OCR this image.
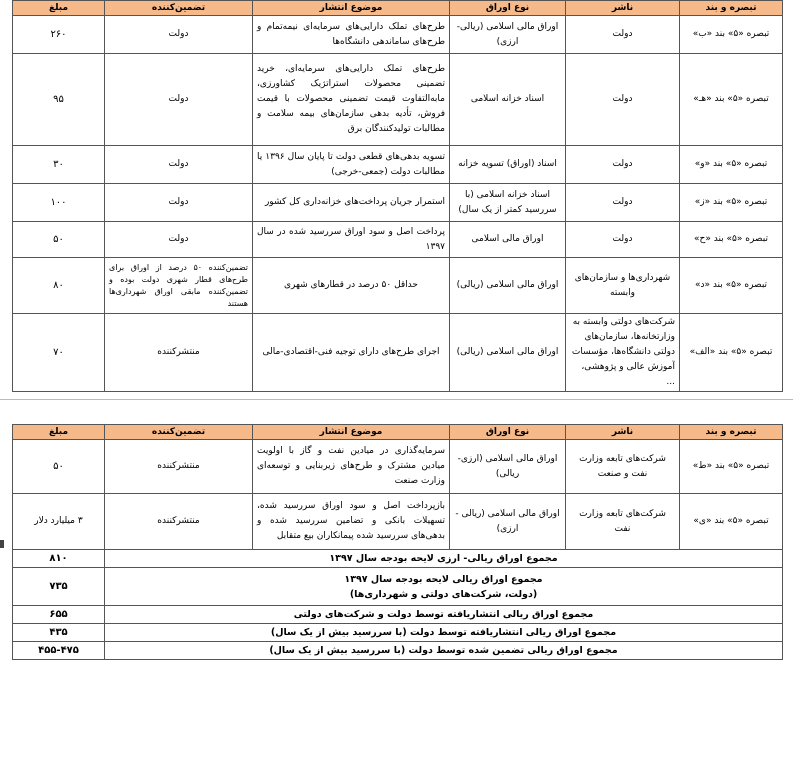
تبصره و بند	ناشر	نوع اوراق	موضوع انتشار	تضمین‌کننده	مبلغ
تبصره «۵» بند «ب»	دولت	اوراق مالی اسلامی (ریالی-ارزی)	طرح‌های تملک دارایی‌های سرمایه‌ای نیمه‌تمام و طرح‌های ساماندهی دانشگاه‌ها	دولت	۲۶۰
تبصره «۵» بند «هـ»	دولت	اسناد خزانه اسلامی	طرح‌های تملک دارایی‌های سرمایه‌ای، خرید تضمینی محصولات استراتژیک کشاورزی، مابه‌التفاوت قیمت تضمینی محصولات با قیمت فروش، تأدیه بدهی سازمان‌های بیمه سلامت و مطالبات تولیدکنندگان برق	دولت	۹۵
تبصره «۵» بند «و»	دولت	اسناد (اوراق) تسویه خزانه	تسویه بدهی‌های قطعی دولت تا پایان سال ۱۳۹۶ یا مطالبات دولت (جمعی-خرجی)	دولت	۳۰
تبصره «۵» بند «ز»	دولت	اسناد خزانه اسلامی (با سررسید کمتر از یک سال)	استمرار جریان پرداخت‌های خزانه‌داری کل کشور	دولت	۱۰۰
تبصره «۵» بند «ح»	دولت	اوراق مالی اسلامی	پرداخت اصل و سود اوراق سررسید شده در سال ۱۳۹۷	دولت	۵۰
تبصره «۵» بند «د»	شهرداری‌ها و سازمان‌های وابسته	اوراق مالی اسلامی (ریالی)	حداقل ۵۰ درصد در قطارهای شهری	تضمین‌کننده ۵۰ درصد از اوراق برای طرح‌های قطار شهری دولت بوده و تضمین‌کننده مابقی اوراق شهرداری‌ها هستند	۸۰
تبصره «۵» بند «الف»	شرکت‌های دولتی وابسته به وزارتخانه‌ها، سازمان‌های دولتی دانشگاه‌ها، مؤسسات آموزش عالی و پژوهشی، ...	اوراق مالی اسلامی (ریالی)	اجرای طرح‌های دارای توجیه فنی-اقتصادی-مالی	منتشرکننده	۷۰
تبصره و بند	ناشر	نوع اوراق	موضوع انتشار	تضمین‌کننده	مبلغ
تبصره «۵» بند «ط»	شرکت‌های تابعه وزارت نفت و صنعت	اوراق مالی اسلامی (ارزی-ریالی)	سرمایه‌گذاری در میادین نفت و گاز با اولویت میادین مشترک و طرح‌های زیربنایی و توسعه‌ای وزارت صنعت	منتشرکننده	۵۰
تبصره «۵» بند «ی»	شرکت‌های تابعه وزارت نفت	اوراق مالی اسلامی (ریالی - ارزی)	بازپرداخت اصل و سود اوراق سررسید شده، تسهیلات بانکی و تضامین سررسید شده و بدهی‌های سررسید شده پیمانکاران بیع متقابل	منتشرکننده	۳ میلیارد دلار
مجموع اوراق ریالی- ارزی لایحه بودجه سال ۱۳۹۷					۸۱۰

مجموع اوراق ریالی لایحه بودجه سال ۱۳۹۷
(دولت، شرکت‌های دولتی و شهرداری‌ها)					۷۳۵
مجموع اوراق ریالی انتشاریافته توسط دولت و شرکت‌های دولتی					۶۵۵
مجموع اوراق ریالی انتشاریافته توسط دولت (با سررسید بیش از یک سال)					۴۳۵
مجموع اوراق ریالی تضمین شده توسط دولت (با سررسید بیش از یک سال)					۴۵۵-۴۷۵
